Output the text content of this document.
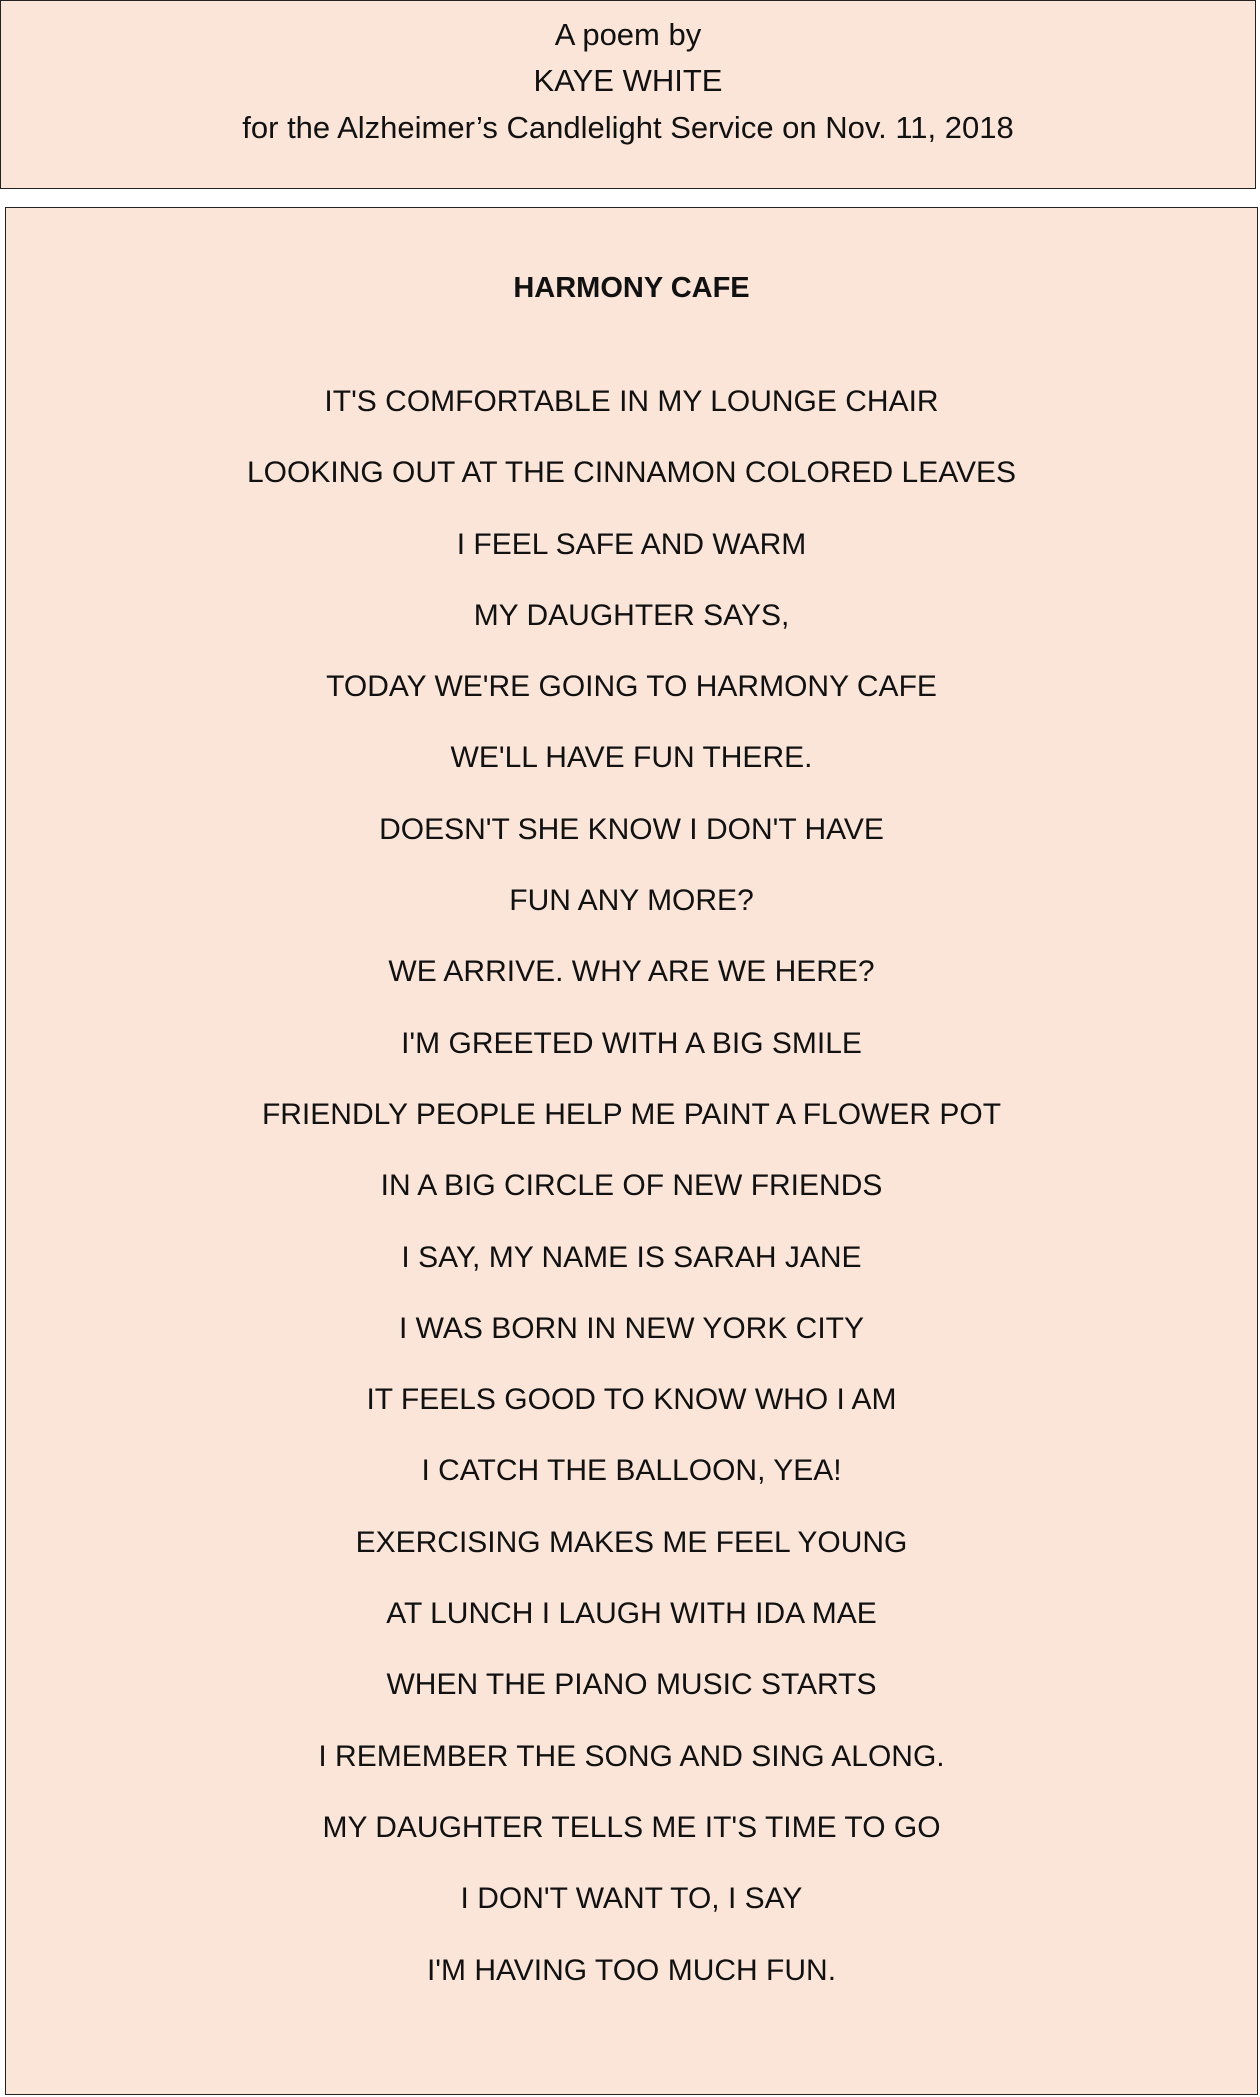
A poem by
KAYE WHITE
for the Alzheimer’s Candlelight Service on Nov. 11, 2018
HARMONY CAFE
IT'S COMFORTABLE IN MY LOUNGE CHAIR
LOOKING OUT AT THE CINNAMON COLORED LEAVES
I FEEL SAFE AND WARM
MY DAUGHTER SAYS,
TODAY WE'RE GOING TO HARMONY CAFE
WE'LL HAVE FUN THERE.
DOESN'T SHE KNOW I DON'T HAVE
FUN ANY MORE?
WE ARRIVE. WHY ARE WE HERE?
I'M GREETED WITH A BIG SMILE
FRIENDLY PEOPLE HELP ME PAINT A FLOWER POT
IN A BIG CIRCLE OF NEW FRIENDS
I SAY, MY NAME IS SARAH JANE
I WAS BORN IN NEW YORK CITY
IT FEELS GOOD TO KNOW WHO I AM
I CATCH THE BALLOON, YEA!
EXERCISING MAKES ME FEEL YOUNG
AT LUNCH I LAUGH WITH IDA MAE
WHEN THE PIANO MUSIC STARTS
I REMEMBER THE SONG AND SING ALONG.
MY DAUGHTER TELLS ME IT'S TIME TO GO
I DON'T WANT TO, I SAY
I'M HAVING TOO MUCH FUN.
